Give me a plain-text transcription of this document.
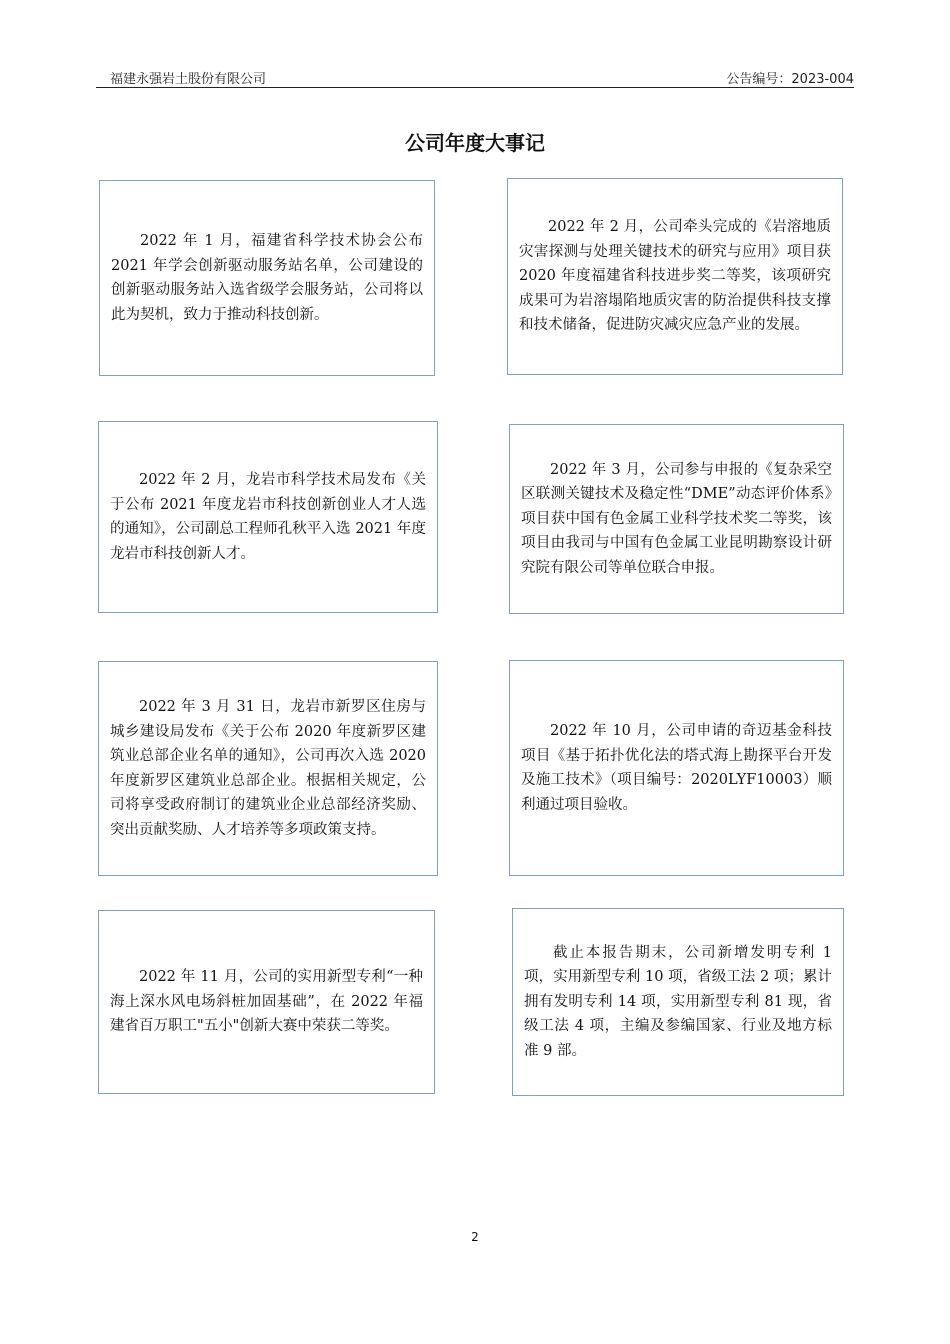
福建永强岩土股份有限公司	公告编号：2023-004
公司年度大事记

2022 年 1 月，福建省科学技术协会公布 2021 年学会创新驱动服务站名单，公司建设的创新驱动服务站入选省级学会服务站，公司将以此为契机，致力于推动科技创新。

2022 年 2 月，公司牵头完成的《岩溶地质灾害探测与处理关键技术的研究与应用》项目获 2020 年度福建省科技进步奖二等奖，该项研究成果可为岩溶塌陷地质灾害的防治提供科技支撑和技术储备，促进防灾减灾应急产业的发展。

2022 年 2 月，龙岩市科学技术局发布《关于公布 2021 年度龙岩市科技创新创业人才人选的通知》，公司副总工程师孔秋平入选 2021 年度龙岩市科技创新人才。

2022 年 3 月，公司参与申报的《复杂采空区联测关键技术及稳定性“DME”动态评价体系》项目获中国有色金属工业科学技术奖二等奖，该项目由我司与中国有色金属工业昆明勘察设计研究院有限公司等单位联合申报。

2022 年 3 月 31 日，龙岩市新罗区住房与城乡建设局发布《关于公布 2020 年度新罗区建筑业总部企业名单的通知》，公司再次入选 2020 年度新罗区建筑业总部企业。根据相关规定，公司将享受政府制订的建筑业企业总部经济奖励、突出贡献奖励、人才培养等多项政策支持。

2022 年 10 月，公司申请的奇迈基金科技项目《基于拓扑优化法的塔式海上勘探平台开发及施工技术》（项目编号：2020LYF10003）顺利通过项目验收。

2022 年 11 月，公司的实用新型专利“一种海上深水风电场斜桩加固基础”，在 2022 年福建省百万职工"五小"创新大赛中荣获二等奖。

截止本报告期末，公司新增发明专利 1 项，实用新型专利 10 项，省级工法 2 项；累计拥有发明专利 14 项，实用新型专利 81 现，省级工法 4 项，主编及参编国家、行业及地方标准 9 部。

2
